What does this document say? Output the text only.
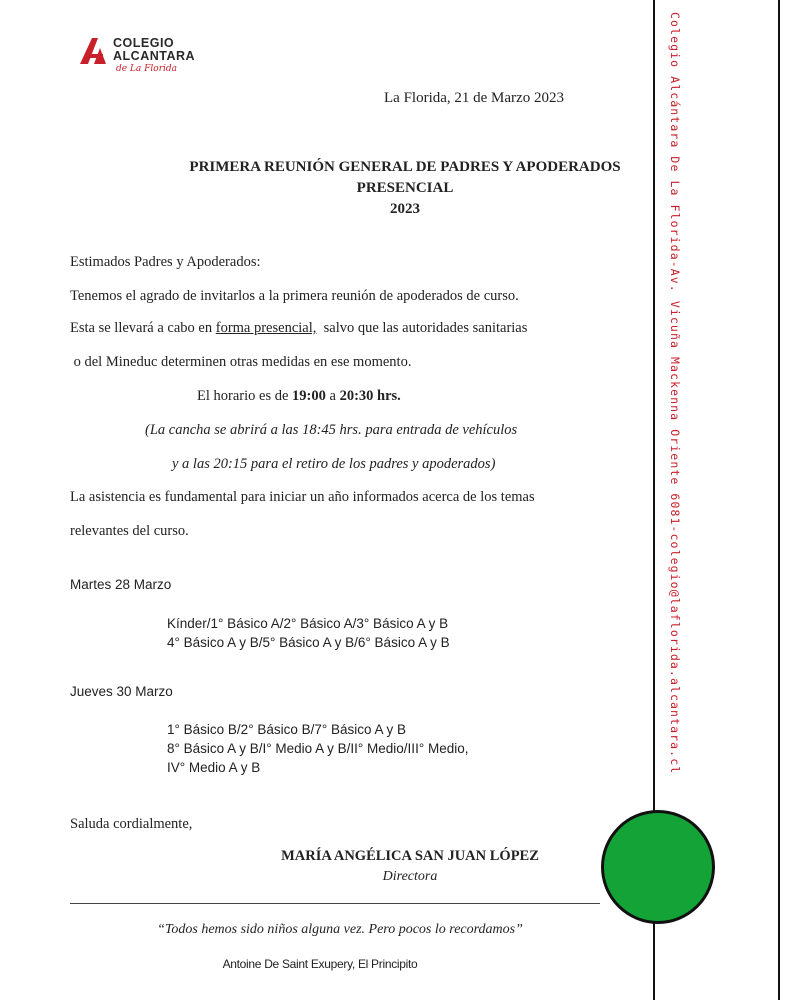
COLEGIO
ALCANTARA
de La Florida	Colegio Alcántara De La Florida-Av. Vicuña Mackenna Oriente 6081-colegio@laflorida.alcantara.cl
La Florida, 21 de Marzo 2023
PRIMERA REUNIÓN GENERAL DE PADRES Y APODERADOS
PRESENCIAL
2023
Estimados Padres y Apoderados:
Tenemos el agrado de invitarlos a la primera reunión de apoderados de curso.
Esta se llevará a cabo en forma presencial,  salvo que las autoridades sanitarias
o del Mineduc determinen otras medidas en ese momento.
El horario es de 19:00 a 20:30 hrs.
(La cancha se abrirá a las 18:45 hrs. para entrada de vehículos
y a las 20:15 para el retiro de los padres y apoderados)
La asistencia es fundamental para iniciar un año informados acerca de los temas
relevantes del curso.
Martes 28 Marzo
Kínder/1° Básico A/2° Básico A/3° Básico A y B
4° Básico A y B/5° Básico A y B/6° Básico A y B
Jueves 30 Marzo
1° Básico B/2° Básico B/7° Básico A y B
8° Básico A y B/I° Medio A y B/II° Medio/III° Medio,
IV° Medio A y B
Saluda cordialmente,
MARÍA ANGÉLICA SAN JUAN LÓPEZ
Directora
“Todos hemos sido niños alguna vez. Pero pocos lo recordamos”
Antoine De Saint Exupery, El Principito
